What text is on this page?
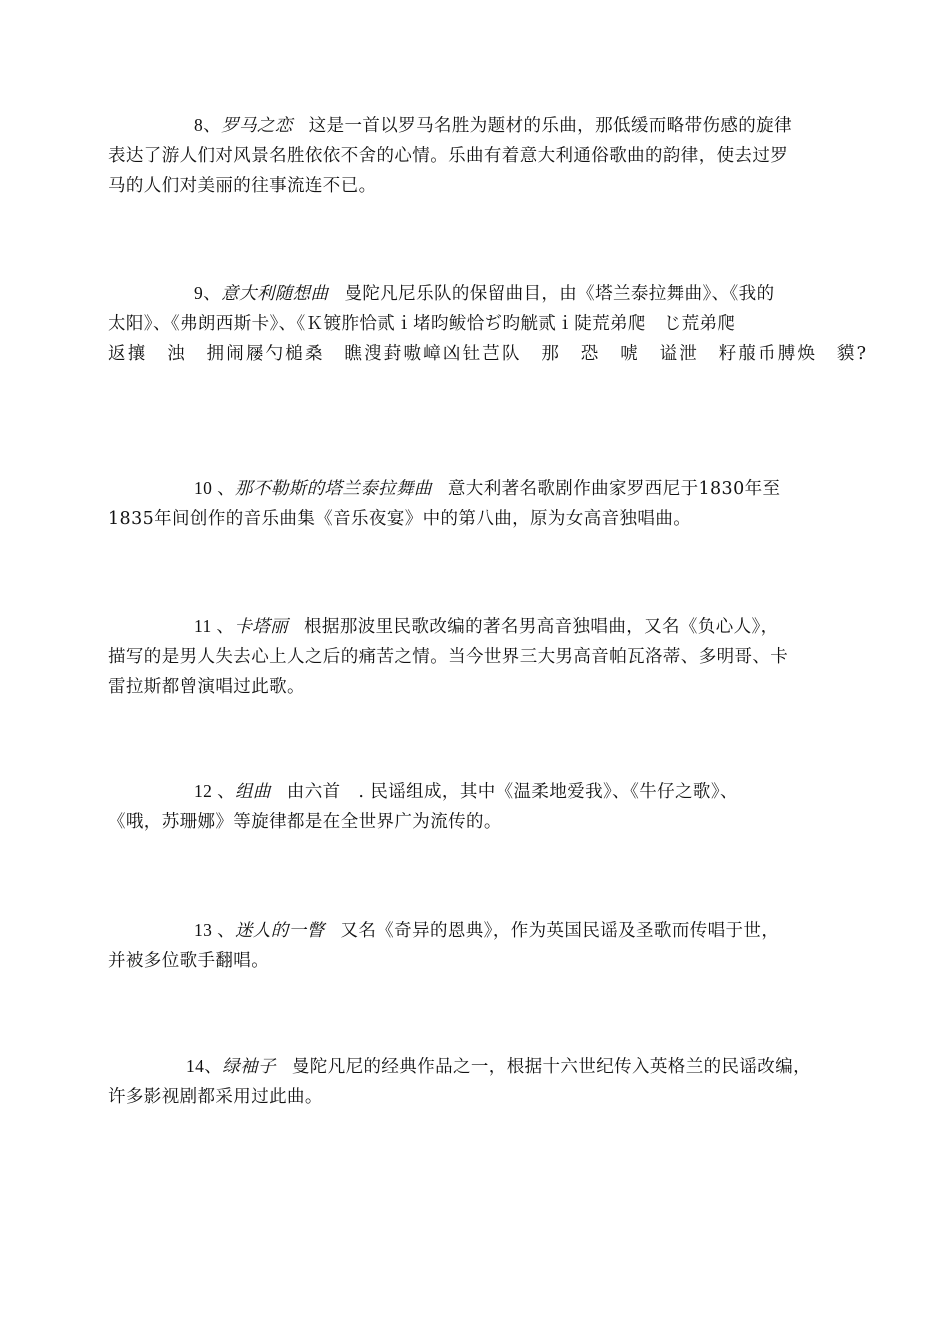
8、罗马之恋 这是一首以罗马名胜为题材的乐曲，那低缓而略带伤感的旋律
表达了游人们对风景名胜依依不舍的心情。乐曲有着意大利通俗歌曲的韵律，使去过罗
马的人们对美丽的往事流连不已。
9、意大利随想曲 曼陀凡尼乐队的保留曲目，由《塔兰泰拉舞曲》、《我的
太阳》、《弗朗西斯卡》、《Ｋ镀胙恰贰ｉ堵昀鲅恰ぢ昀觥贰ｉ陡荒弟爬　じ荒弟爬
返攘　浊　拥闹屦勺槌桑　瞧溲葑嗷嶂凶钍芑队　那　恐　唬　谥泄　籽菔币膊焕　貘?
10 、那不勒斯的塔兰泰拉舞曲 意大利著名歌剧作曲家罗西尼于1830年至
1835年间创作的音乐曲集《音乐夜宴》中的第八曲，原为女高音独唱曲。
11 、卡塔丽 根据那波里民歌改编的著名男高音独唱曲，又名《负心人》，
描写的是男人失去心上人之后的痛苦之情。当今世界三大男高音帕瓦洛蒂、多明哥、卡
雷拉斯都曾演唱过此歌。
12 、组曲 由六首　. 民谣组成，其中《温柔地爱我》、《牛仔之歌》、
《哦，苏珊娜》等旋律都是在全世界广为流传的。
13 、迷人的一瞥 又名《奇异的恩典》，作为英国民谣及圣歌而传唱于世，
并被多位歌手翻唱。
14、绿袖子 曼陀凡尼的经典作品之一，根据十六世纪传入英格兰的民谣改编，
许多影视剧都采用过此曲。
